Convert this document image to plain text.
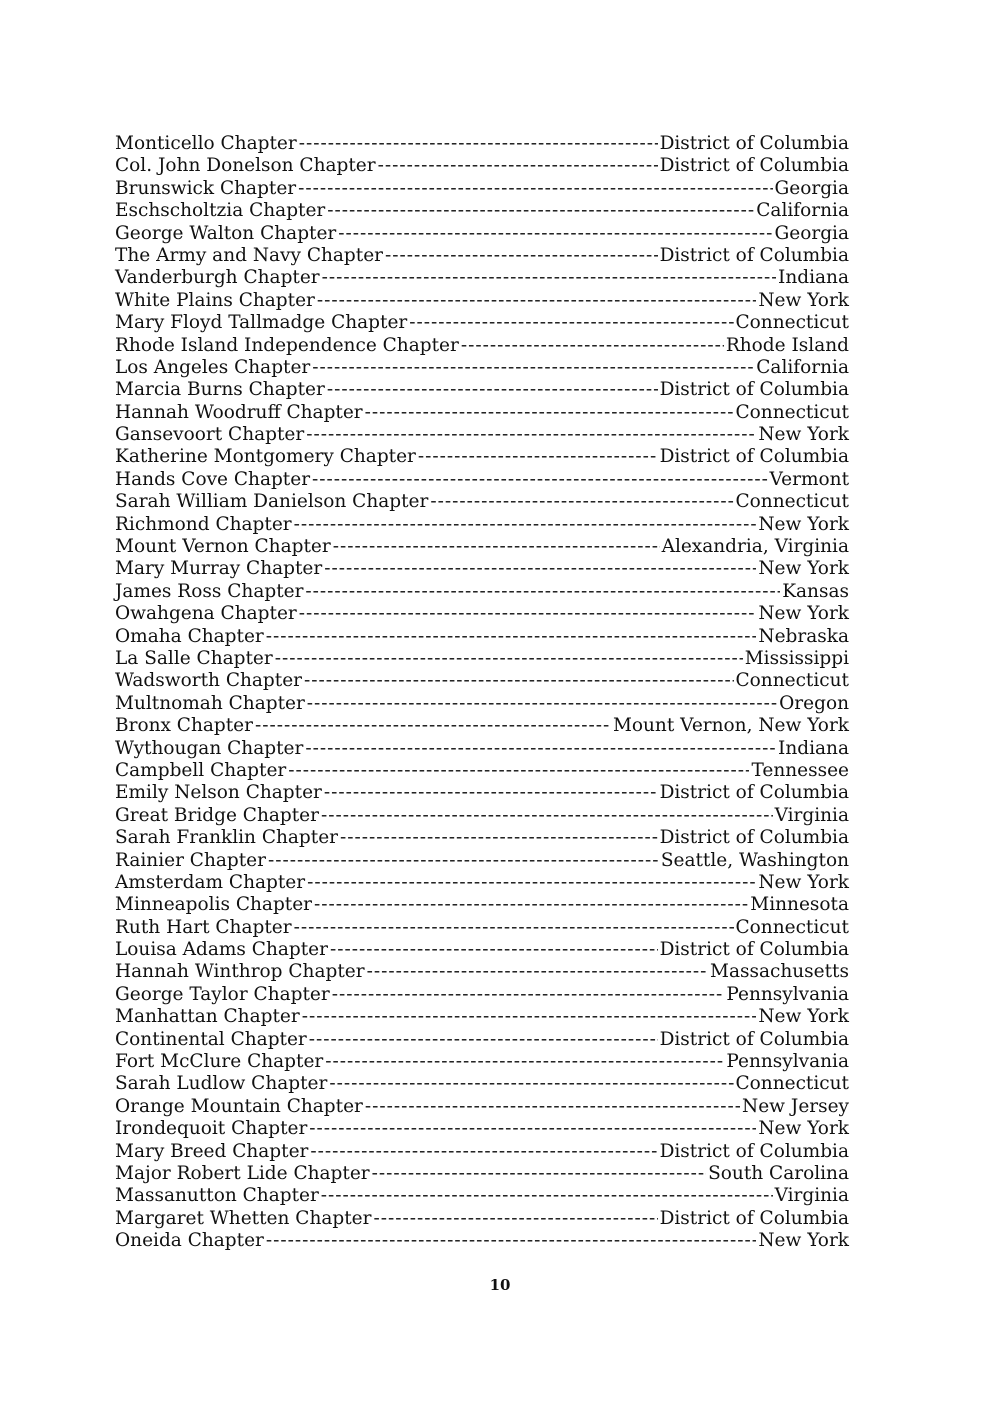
Monticello Chapter -----	District of Columbia
Col. John Donelson Chapter -----	District of Columbia
Brunswick Chapter -----	Georgia
Eschscholtzia Chapter -----	California
George Walton Chapter -----	Georgia
The Army and Navy Chapter -----	District of Columbia
Vanderburgh Chapter -----	Indiana
White Plains Chapter -----	New York
Mary Floyd Tallmadge Chapter -----	Connecticut
Rhode Island Independence Chapter -----	Rhode Island
Los Angeles Chapter -----	California
Marcia Burns Chapter -----	District of Columbia
Hannah Woodruff Chapter -----	Connecticut
Gansevoort Chapter -----	New York
Katherine Montgomery Chapter -----	District of Columbia
Hands Cove Chapter -----	Vermont
Sarah William Danielson Chapter -----	Connecticut
Richmond Chapter -----	New York
Mount Vernon Chapter -----	Alexandria, Virginia
Mary Murray Chapter -----	New York
James Ross Chapter -----	Kansas
Owahgena Chapter -----	New York
Omaha Chapter -----	Nebraska
La Salle Chapter -----	Mississippi
Wadsworth Chapter -----	Connecticut
Multnomah Chapter -----	Oregon
Bronx Chapter -----	Mount Vernon, New York
Wythougan Chapter -----	Indiana
Campbell Chapter -----	Tennessee
Emily Nelson Chapter -----	District of Columbia
Great Bridge Chapter -----	Virginia
Sarah Franklin Chapter -----	District of Columbia
Rainier Chapter -----	Seattle, Washington
Amsterdam Chapter -----	New York
Minneapolis Chapter -----	Minnesota
Ruth Hart Chapter -----	Connecticut
Louisa Adams Chapter -----	District of Columbia
Hannah Winthrop Chapter -----	Massachusetts
George Taylor Chapter -----	Pennsylvania
Manhattan Chapter -----	New York
Continental Chapter -----	District of Columbia
Fort McClure Chapter -----	Pennsylvania
Sarah Ludlow Chapter -----	Connecticut
Orange Mountain Chapter -----	New Jersey
Irondequoit Chapter -----	New York
Mary Breed Chapter -----	District of Columbia
Major Robert Lide Chapter -----	South Carolina
Massanutton Chapter -----	Virginia
Margaret Whetten Chapter -----	District of Columbia
Oneida Chapter -----	New York
10
